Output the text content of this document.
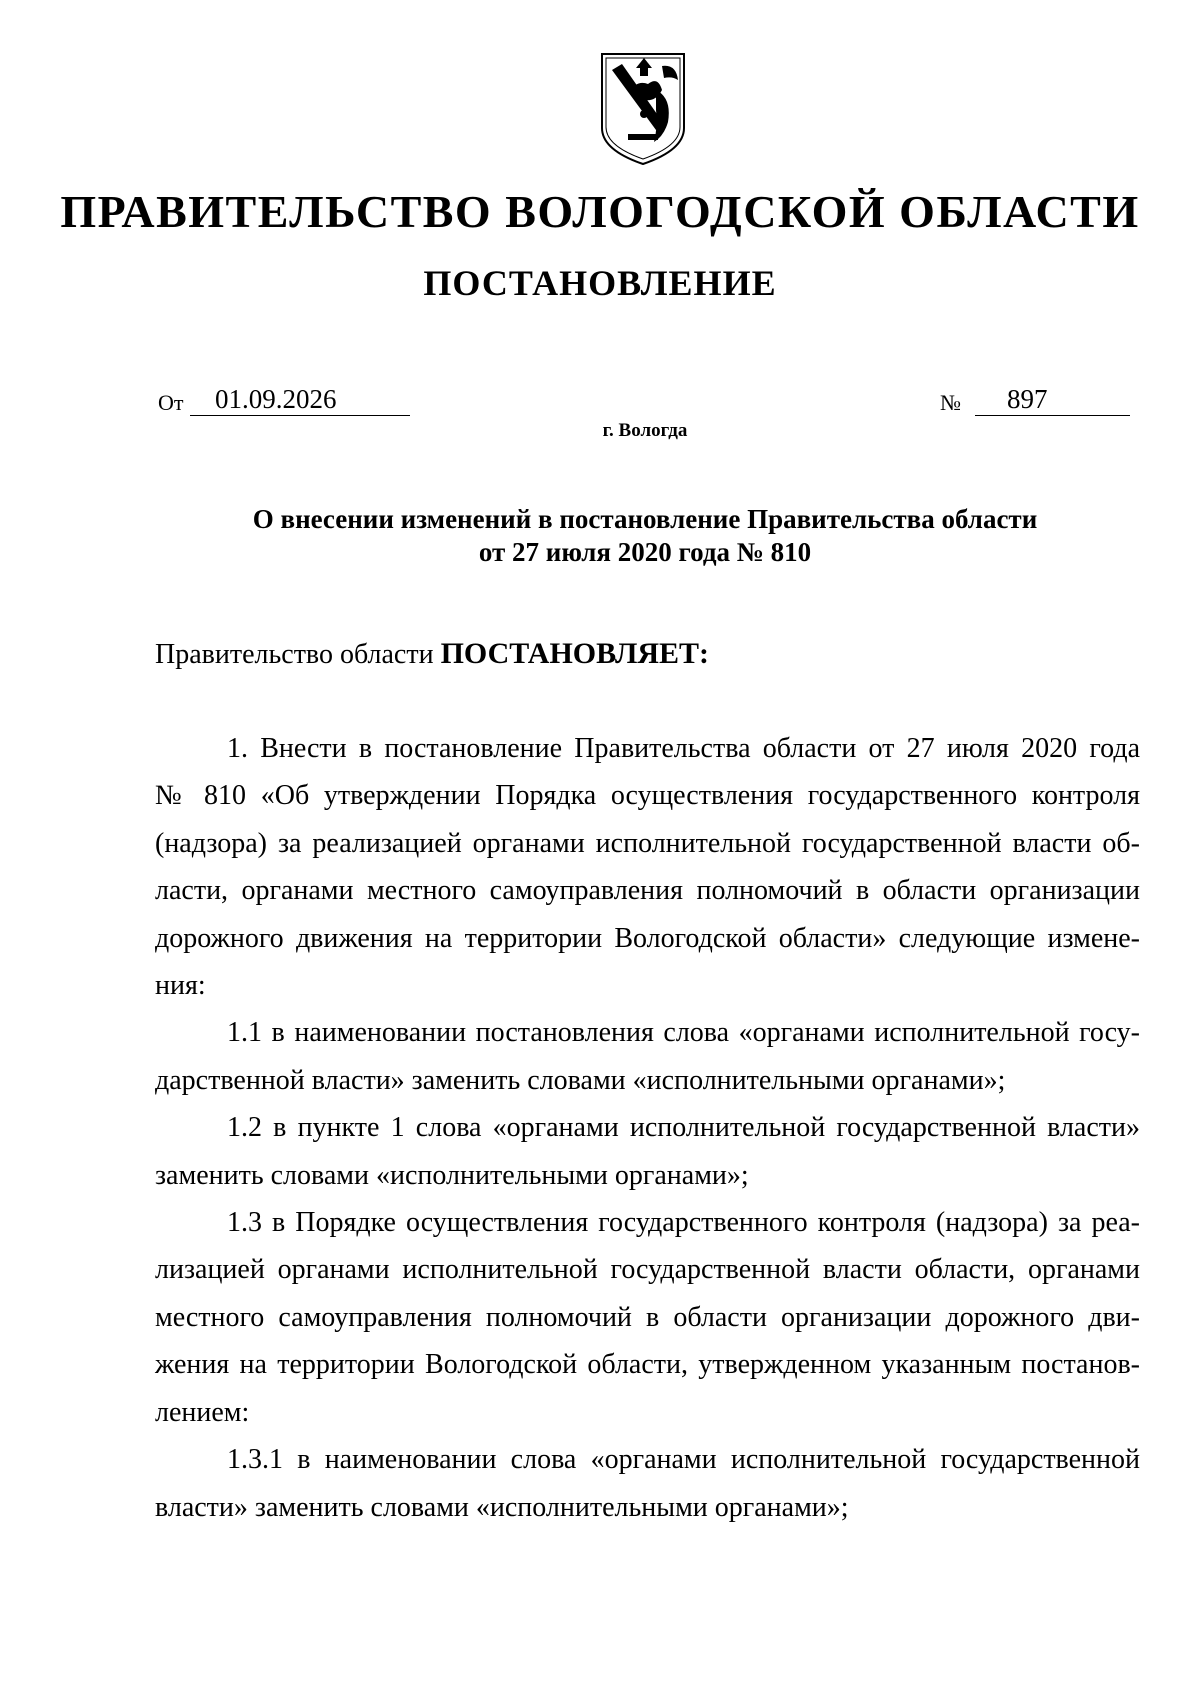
ПРАВИТЕЛЬСТВО ВОЛОГОДСКОЙ ОБЛАСТИ
ПОСТАНОВЛЕНИЕ
От	01.09.2026	№	897
г. Вологда
О внесении изменений в постановление Правительства области
от 27 июля 2020 года № 810
Правительство области ПОСТАНОВЛЯЕТ:
1. Внести в постановление Правительства области от 27 июля 2020 года
№ 810 «Об утверждении Порядка осуществления государственного контроля
(надзора) за реализацией органами исполнительной государственной власти об-
ласти, органами местного самоуправления полномочий в области организации
дорожного движения на территории Вологодской области» следующие измене-
ния:
1.1 в наименовании постановления слова «органами исполнительной госу-
дарственной власти» заменить словами «исполнительными органами»;
1.2 в пункте 1 слова «органами исполнительной государственной власти»
заменить словами «исполнительными органами»;
1.3 в Порядке осуществления государственного контроля (надзора) за реа-
лизацией органами исполнительной государственной власти области, органами
местного самоуправления полномочий в области организации дорожного дви-
жения на территории Вологодской области, утвержденном указанным постанов-
лением:
1.3.1 в наименовании слова «органами исполнительной государственной
власти» заменить словами «исполнительными органами»;
